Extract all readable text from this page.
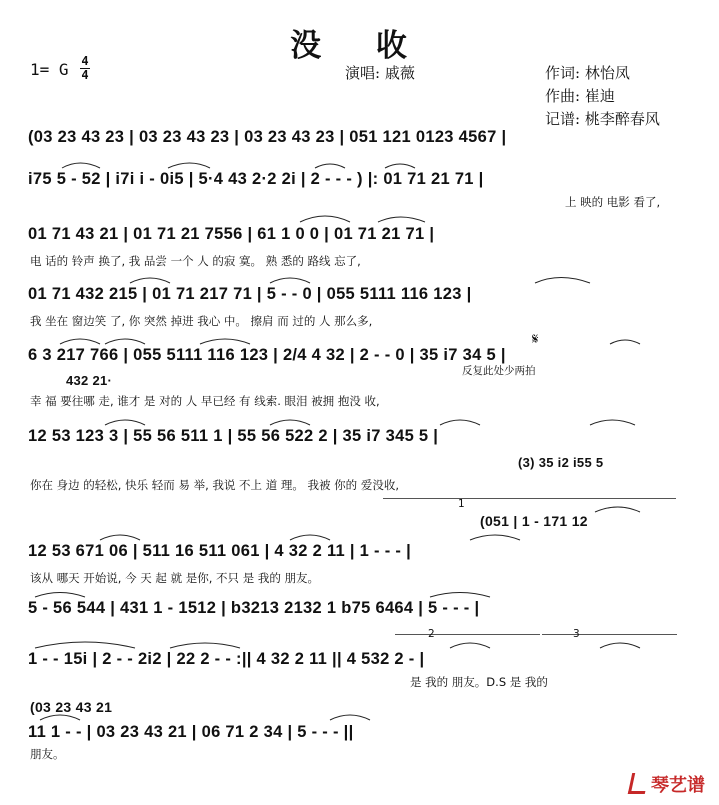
没 收
1= G 4
4	演唱: 戚薇	作词: 林怡凤
作曲: 崔迪
记谱: 桃李醉春风
(03 23 43 23 | 03 23 43 23 | 03 23 43 23 | 051 121 0123 4567 |
i75 5 - 52 | i7i i - 0i5 | 5·4 43 2·2 2i | 2 - - - ) |: 01 71 21 71 |
上 映的 电影 看了,
01 71 43 21 | 01 71 21 7556 | 61 1 0 0 | 01 71 21 71 |
电 话的 铃声 换了, 我 品尝 一个 人 的寂 寞。 熟 悉的 路线 忘了,
01 71 432 215 | 01 71 217 71 | 5 - - 0 | 055 5111 116 123 |
我 坐在 窗边笑 了, 你 突然 掉进 我心 中。 擦肩 而 过的 人 那么多,
6 3 217 766 | 055 5111 116 123 | 2/4 4 32 | 2 - - 0 | 35 i7 34 5 |
反复此处少两拍
𝄋
432 21·
幸 福 要往哪 走, 谁才 是 对的 人 早已经 有 线索. 眼泪 被拥 抱没 收,
12 53 123 3 | 55 56 511 1 | 55 56 522 2 | 35 i7 345 5 |
(3) 35 i2 i55 5
你在 身边 的轻松, 快乐 轻而 易 举, 我说 不上 道 理。 我被 你的 爱没收,
1
(051 | 1 - 171 12
12 53 671 06 | 511 16 511 061 | 4 32 2 11 | 1 - - - |
该从 哪天 开始说, 今 天 起 就 是你, 不只 是 我的 朋友。
5 - 56 544 | 431 1 - 1512 | b3213 2132 1 b75 6464 | 5 - - - |
2	3
1 - - 15i | 2 - - 2i2 | 22 2 - - :|| 4 32 2 11 || 4 532 2 - |
是 我的 朋友。D.S 是 我的
(03 23 43 21
11 1 - - | 03 23 43 21 | 06 71 2 34 | 5 - - - ||
朋友。
琴艺谱
